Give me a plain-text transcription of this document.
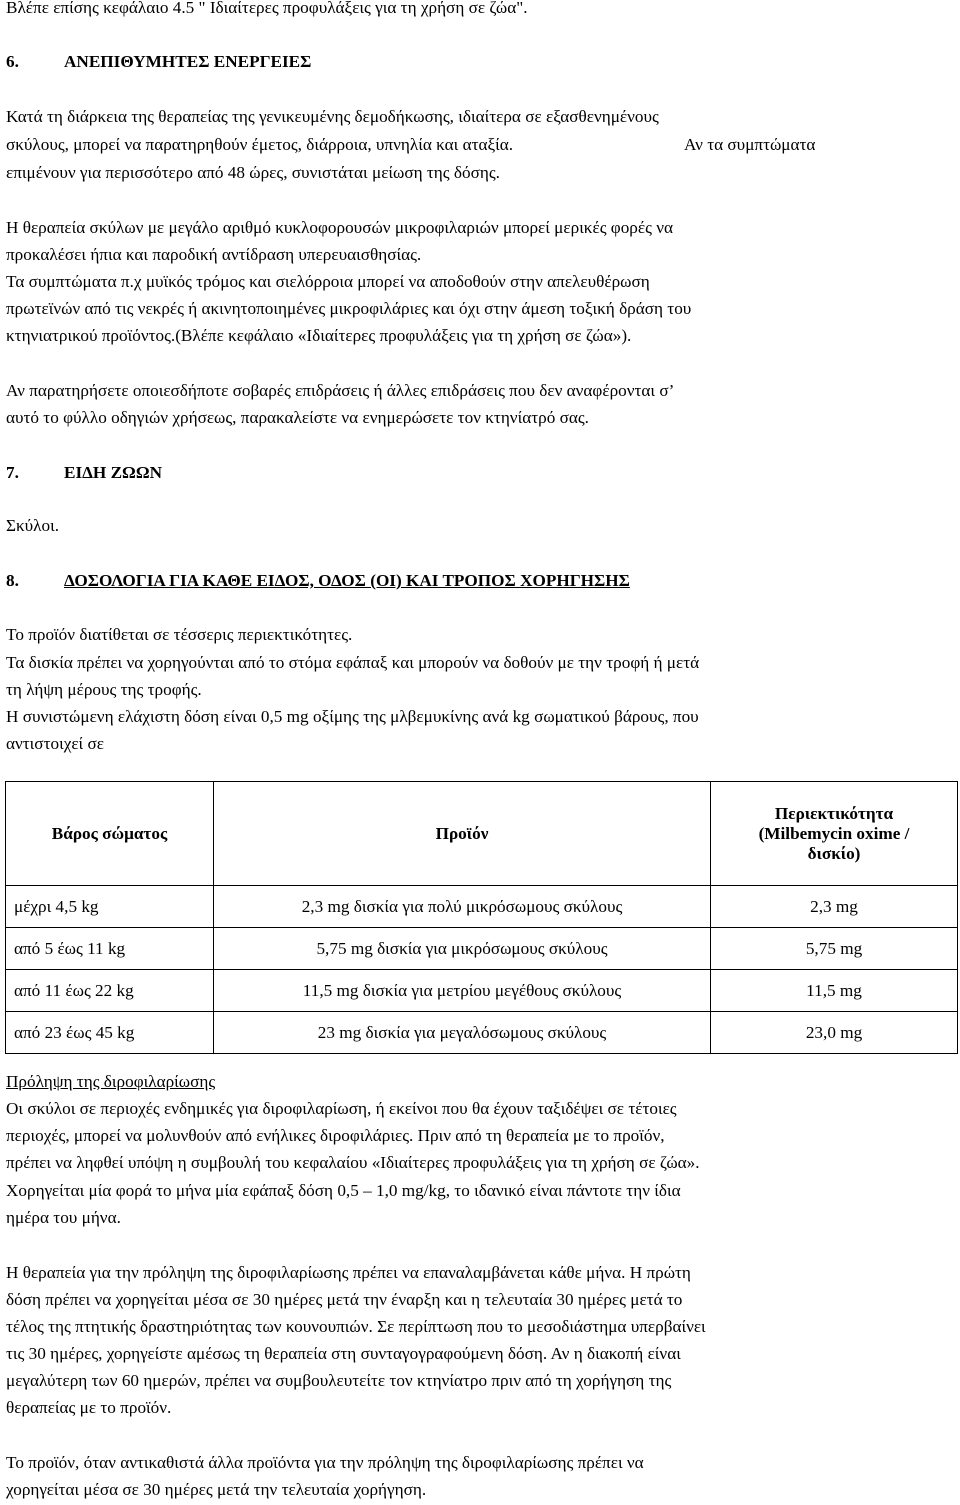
Βλέπε επίσης κεφάλαιο 4.5 " Ιδιαίτερες προφυλάξεις για τη χρήση σε ζώα".
6.	ΑΝΕΠΙΘΥΜΗΤΕΣ ΕΝΕΡΓΕΙΕΣ
Κατά τη διάρκεια της θεραπείας της γενικευμένης δεμοδήκωσης, ιδιαίτερα σε εξασθενημένους
σκύλους, μπορεί να παρατηρηθούν έμετος, διάρροια, υπνηλία και αταξία.	Αν τα συμπτώματα
επιμένουν για περισσότερο από 48 ώρες, συνιστάται μείωση της δόσης.
Η θεραπεία σκύλων με μεγάλο αριθμό κυκλοφορουσών μικροφιλαριών μπορεί μερικές φορές να
προκαλέσει ήπια και παροδική αντίδραση υπερευαισθησίας.
Τα συμπτώματα π.χ μυϊκός τρόμος και σιελόρροια μπορεί να αποδοθούν στην απελευθέρωση
πρωτεϊνών από τις νεκρές ή ακινητοποιημένες μικροφιλάριες και όχι στην άμεση τοξική δράση του
κτηνιατρικού προϊόντος.(Βλέπε κεφάλαιο «Ιδιαίτερες προφυλάξεις για τη χρήση σε ζώα»).
Αν παρατηρήσετε οποιεσδήποτε σοβαρές επιδράσεις ή άλλες επιδράσεις που δεν αναφέρονται σ’
αυτό το φύλλο οδηγιών χρήσεως, παρακαλείστε να ενημερώσετε τον κτηνίατρό σας.
7.	ΕΙΔΗ ΖΩΩΝ
Σκύλοι.
8.	ΔΟΣΟΛΟΓΙΑ ΓΙΑ ΚΑΘΕ ΕΙΔΟΣ, ΟΔΟΣ (ΟΙ) ΚΑΙ ΤΡΟΠΟΣ ΧΟΡΗΓΗΣΗΣ
Το προϊόν διατίθεται σε τέσσερις περιεκτικότητες.
Τα δισκία πρέπει να χορηγούνται από το στόμα εφάπαξ και μπορούν να δοθούν με την τροφή ή μετά
τη λήψη μέρους της τροφής.
Η συνιστώμενη ελάχιστη δόση είναι 0,5 mg οξίμης της μλβεμυκίνης ανά kg σωματικού βάρους, που
αντιστοιχεί σε
Βάρος σώματος	Προϊόν	Περιεκτικότητα
(Milbemycin oxime /
δισκίο)

μέχρι 4,5 kg	2,3 mg δισκία για πολύ μικρόσωμους σκύλους	2,3 mg
από 5 έως 11 kg	5,75 mg δισκία για μικρόσωμους σκύλους	5,75 mg
από 11 έως 22 kg	11,5 mg δισκία για μετρίου μεγέθους σκύλους	11,5 mg
από 23 έως 45 kg	23 mg δισκία για μεγαλόσωμους σκύλους	23,0 mg
Πρόληψη της διροφιλαρίωσης
Οι σκύλοι σε περιοχές ενδημικές για διροφιλαρίωση, ή εκείνοι που θα έχουν ταξιδέψει σε τέτοιες
περιοχές, μπορεί να μολυνθούν από ενήλικες διροφιλάριες. Πριν από τη θεραπεία με το προϊόν,
πρέπει να ληφθεί υπόψη η συμβουλή του κεφαλαίου «Ιδιαίτερες προφυλάξεις για τη χρήση σε ζώα».
Χορηγείται μία φορά το μήνα μία εφάπαξ δόση 0,5 – 1,0 mg/kg, το ιδανικό είναι πάντοτε την ίδια
ημέρα του μήνα.
Η θεραπεία για την πρόληψη της διροφιλαρίωσης πρέπει να επαναλαμβάνεται κάθε μήνα. Η πρώτη
δόση πρέπει να χορηγείται μέσα σε 30 ημέρες μετά την έναρξη και η τελευταία 30 ημέρες μετά το
τέλος της πτητικής δραστηριότητας των κουνουπιών. Σε περίπτωση που το μεσοδιάστημα υπερβαίνει
τις 30 ημέρες, χορηγείστε αμέσως τη θεραπεία στη συνταγογραφούμενη δόση. Αν η διακοπή είναι
μεγαλύτερη των 60 ημερών, πρέπει να συμβουλευτείτε τον κτηνίατρο πριν από τη χορήγηση της
θεραπείας με το προϊόν.
Το προϊόν, όταν αντικαθιστά άλλα προϊόντα για την πρόληψη της διροφιλαρίωσης πρέπει να
χορηγείται μέσα σε 30 ημέρες μετά την τελευταία χορήγηση.
